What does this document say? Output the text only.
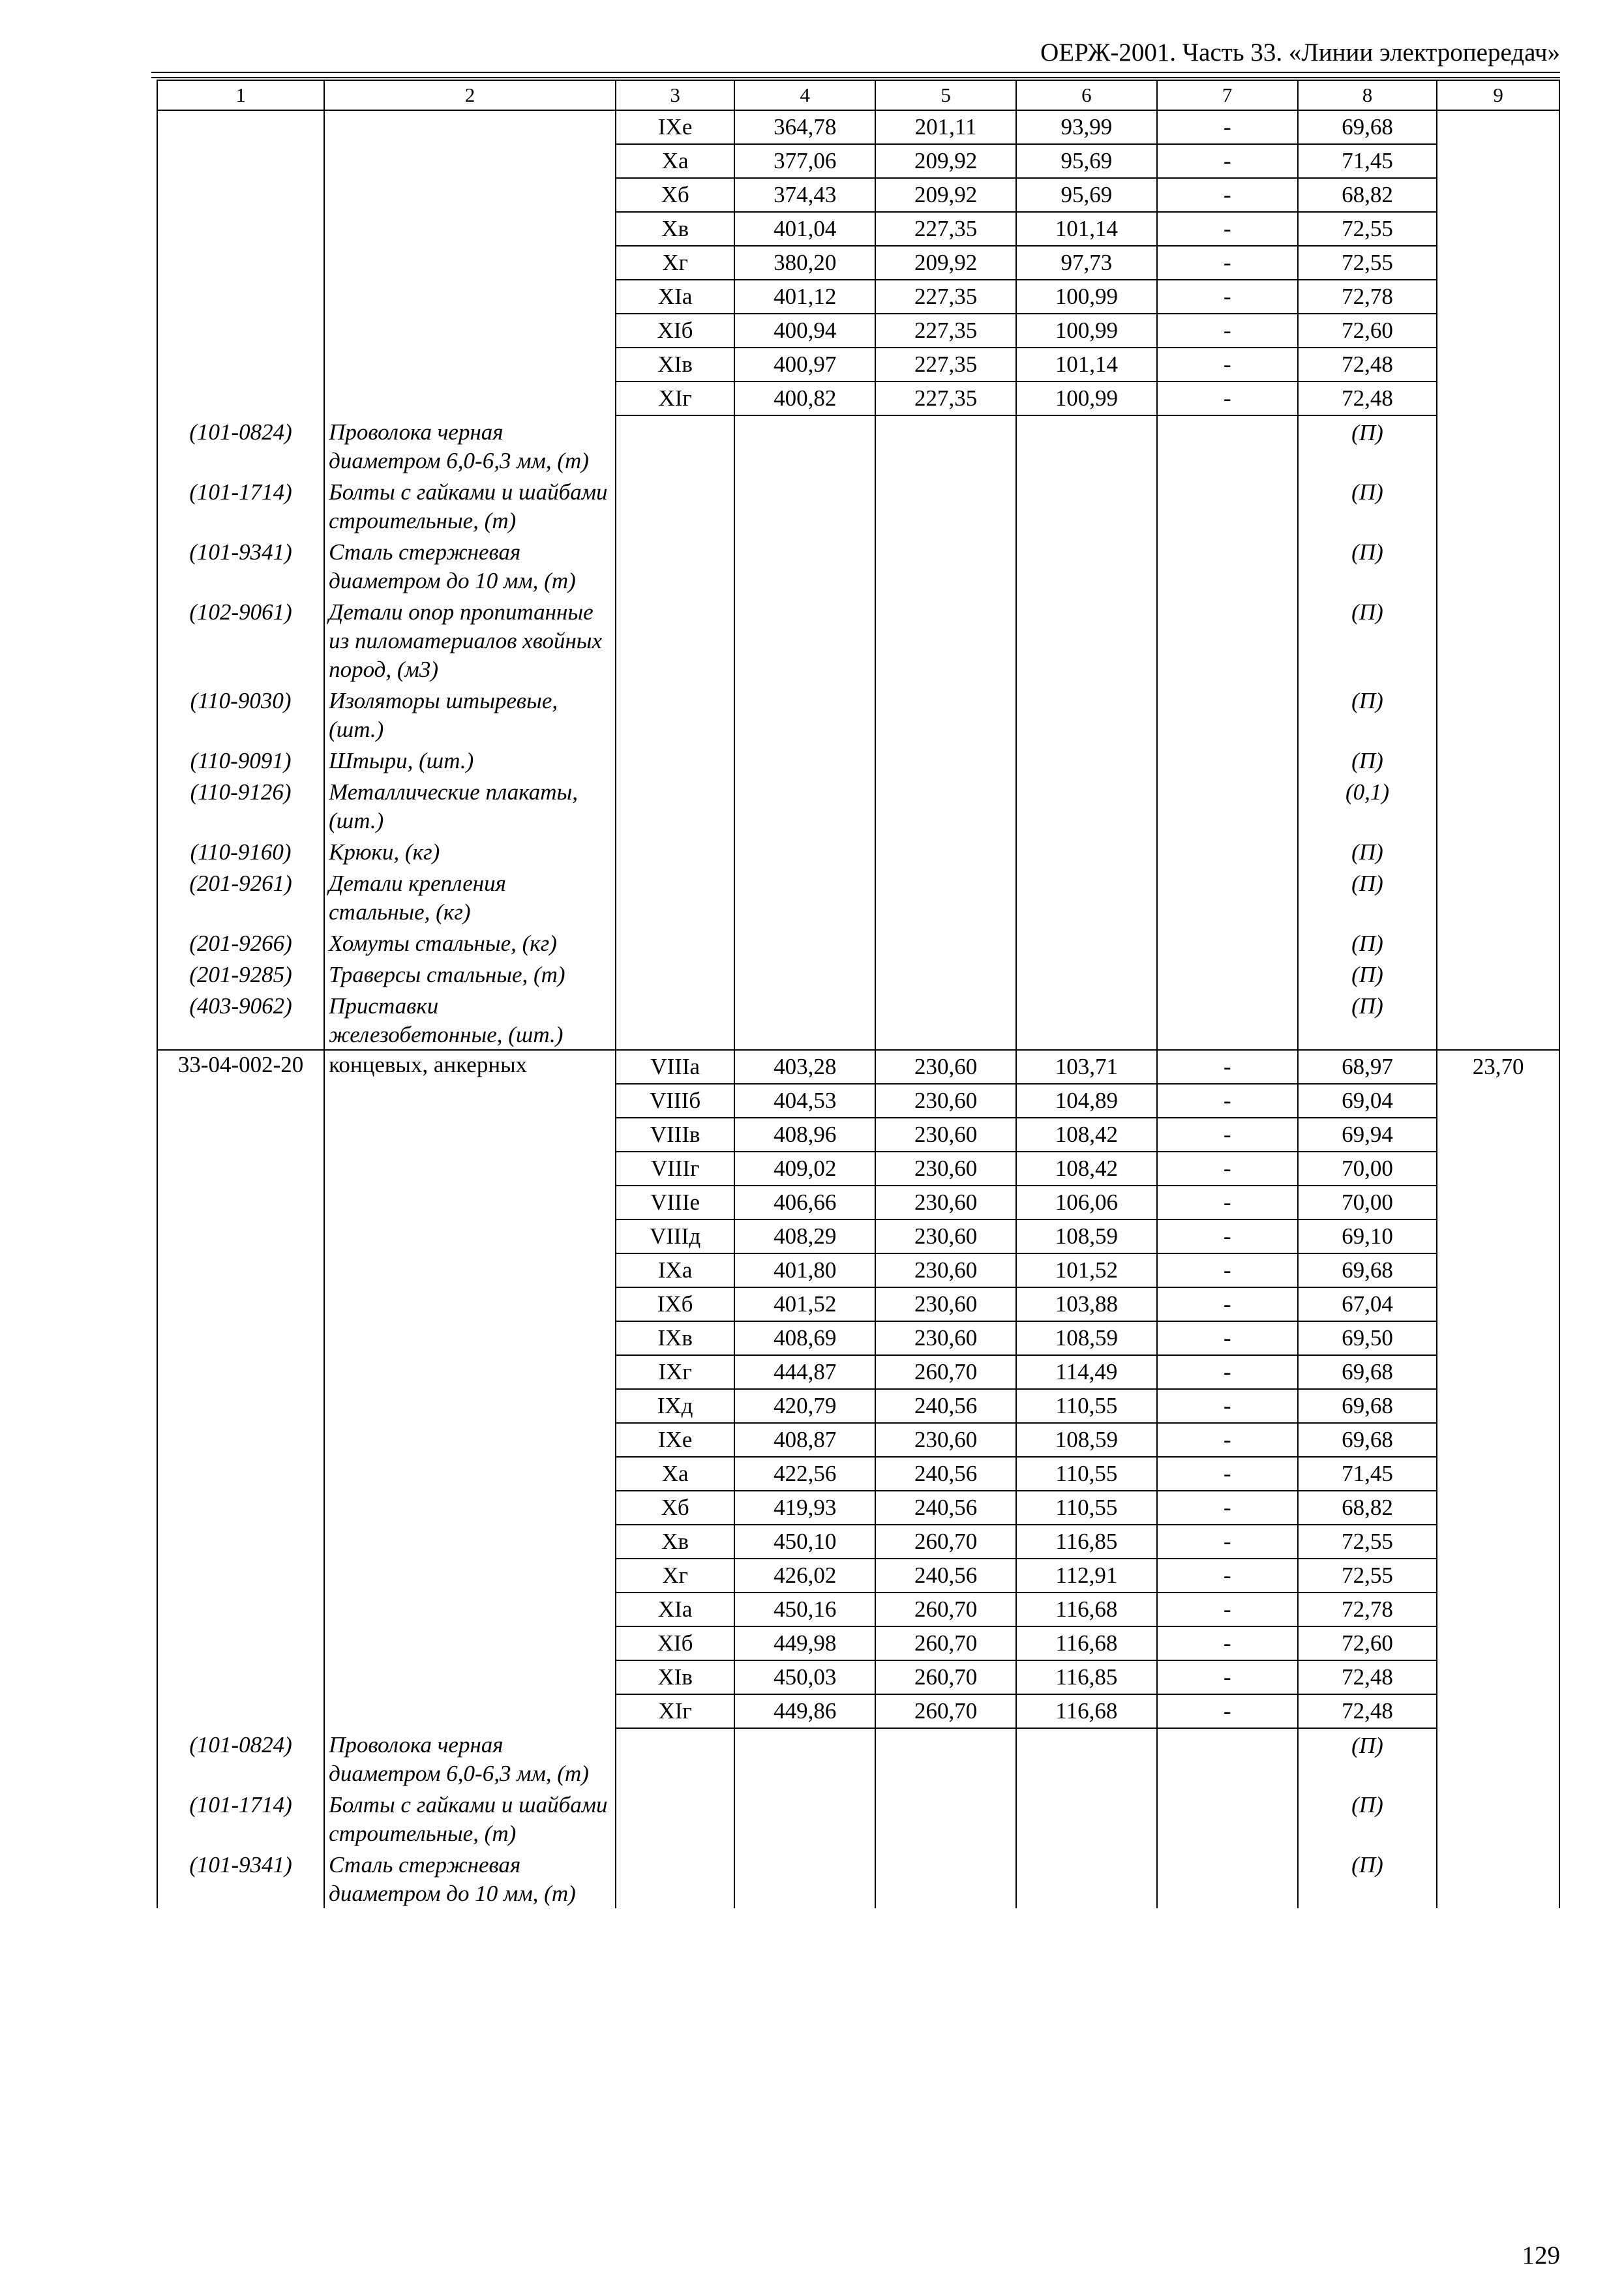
ОЕРЖ-2001. Часть 33. «Линии электропередач»
1	2	3	4	5	6	7	8	9
		IXе	364,78	201,11	93,99	-	69,68	
		Xа	377,06	209,92	95,69	-	71,45	
		Xб	374,43	209,92	95,69	-	68,82	
		Xв	401,04	227,35	101,14	-	72,55	
		Xг	380,20	209,92	97,73	-	72,55	
		XIа	401,12	227,35	100,99	-	72,78	
		XIб	400,94	227,35	100,99	-	72,60	
		XIв	400,97	227,35	101,14	-	72,48	
		XIг	400,82	227,35	100,99	-	72,48	
(101-0824)	Проволока черная диаметром 6,0-6,3 мм, (т)						(П)	
(101-1714)	Болты с гайками и шайбами строительные, (т)						(П)	
(101-9341)	Сталь стержневая диаметром до 10 мм, (т)						(П)	
(102-9061)	Детали опор пропитанные из пиломатериалов хвойных пород, (м3)						(П)	
(110-9030)	Изоляторы штыревые, (шт.)						(П)	
(110-9091)	Штыри, (шт.)						(П)	
(110-9126)	Металлические плакаты, (шт.)						(0,1)	
(110-9160)	Крюки, (кг)						(П)	
(201-9261)	Детали крепления стальные, (кг)						(П)	
(201-9266)	Хомуты стальные, (кг)						(П)	
(201-9285)	Траверсы стальные, (т)						(П)	
(403-9062)	Приставки железобетонные, (шт.)						(П)	
33-04-002-20	концевых, анкерных	VIIIа	403,28	230,60	103,71	-	68,97	23,70
		VIIIб	404,53	230,60	104,89	-	69,04	
		VIIIв	408,96	230,60	108,42	-	69,94	
		VIIIг	409,02	230,60	108,42	-	70,00	
		VIIIе	406,66	230,60	106,06	-	70,00	
		VIIIд	408,29	230,60	108,59	-	69,10	
		IXа	401,80	230,60	101,52	-	69,68	
		IXб	401,52	230,60	103,88	-	67,04	
		IXв	408,69	230,60	108,59	-	69,50	
		IXг	444,87	260,70	114,49	-	69,68	
		IXд	420,79	240,56	110,55	-	69,68	
		IXе	408,87	230,60	108,59	-	69,68	
		Xа	422,56	240,56	110,55	-	71,45	
		Xб	419,93	240,56	110,55	-	68,82	
		Xв	450,10	260,70	116,85	-	72,55	
		Xг	426,02	240,56	112,91	-	72,55	
		XIа	450,16	260,70	116,68	-	72,78	
		XIб	449,98	260,70	116,68	-	72,60	
		XIв	450,03	260,70	116,85	-	72,48	
		XIг	449,86	260,70	116,68	-	72,48	
(101-0824)	Проволока черная диаметром 6,0-6,3 мм, (т)						(П)	
(101-1714)	Болты с гайками и шайбами строительные, (т)						(П)	
(101-9341)	Сталь стержневая диаметром до 10 мм, (т)						(П)	
129
